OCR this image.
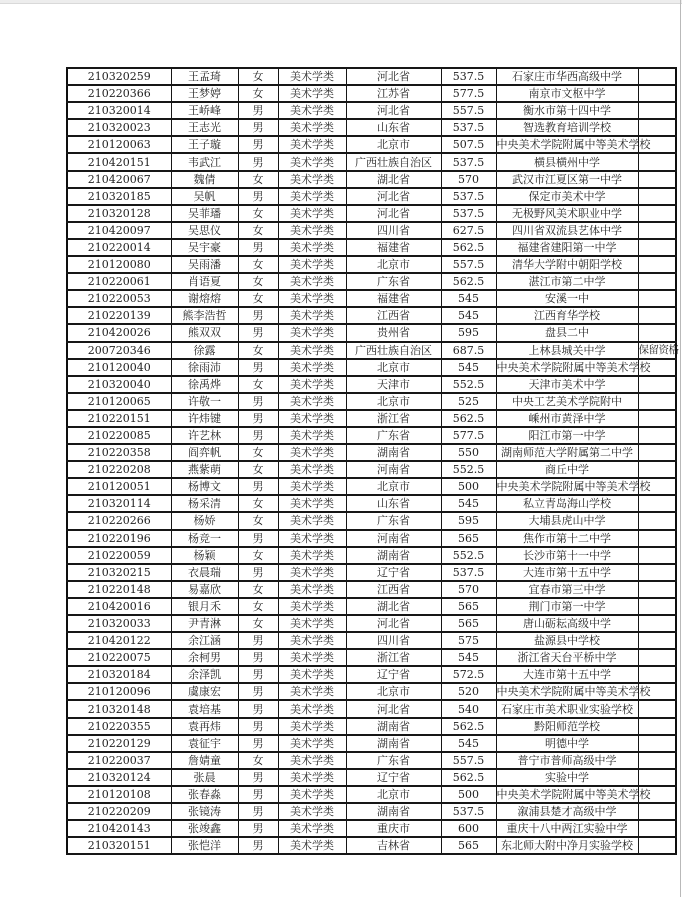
210320259	王孟琦	女	美术学类	河北省	537.5	石家庄市华西高级中学	
210220366	王梦婷	女	美术学类	江苏省	577.5	南京市文枢中学	
210320014	王峤峰	男	美术学类	河北省	557.5	衡水市第十四中学	
210320023	王志光	男	美术学类	山东省	537.5	智选教育培训学校	
210120063	王子璇	男	美术学类	北京市	507.5	中央美术学院附属中等美术学校	
210420151	韦武江	男	美术学类	广西壮族自治区	537.5	横县横州中学	
210420067	魏倩	女	美术学类	湖北省	570	武汉市江夏区第一中学	
210320185	吴帆	男	美术学类	河北省	537.5	保定市美术中学	
210320128	吴菲璠	女	美术学类	河北省	537.5	无极野风美术职业中学	
210420097	吴思仪	女	美术学类	四川省	627.5	四川省双流县艺体中学	
210220014	吴宇豪	男	美术学类	福建省	562.5	福建省建阳第一中学	
210120080	吴雨潘	女	美术学类	北京市	557.5	清华大学附中朝阳学校	
210220061	肖语夏	女	美术学类	广东省	562.5	湛江市第二中学	
210220053	谢熔熔	女	美术学类	福建省	545	安溪一中	
210220139	熊李浩哲	男	美术学类	江西省	545	江西育华学校	
210420026	熊双双	男	美术学类	贵州省	595	盘县二中	
200720346	徐露	女	美术学类	广西壮族自治区	687.5	上林县城关中学	保留资格
210120040	徐雨沛	男	美术学类	北京市	545	中央美术学院附属中等美术学校	
210320040	徐禹烨	女	美术学类	天津市	552.5	天津市美术中学	
210120065	许敬一	男	美术学类	北京市	525	中央工艺美术学院附中	
210220151	许炜键	男	美术学类	浙江省	562.5	嵊州市黄泽中学	
210220085	许艺林	男	美术学类	广东省	577.5	阳江市第一中学	
210220358	阎弈帆	女	美术学类	湖南省	550	湖南师范大学附属第二中学	
210220208	燕紫萌	女	美术学类	河南省	552.5	商丘中学	
210120051	杨博文	男	美术学类	北京市	500	中央美术学院附属中等美术学校	
210320114	杨采清	女	美术学类	山东省	545	私立青岛海山学校	
210220266	杨娇	女	美术学类	广东省	595	大埔县虎山中学	
210220196	杨竞一	男	美术学类	河南省	565	焦作市第十二中学	
210220059	杨颖	女	美术学类	湖南省	552.5	长沙市第十一中学	
210320215	衣晨瑞	男	美术学类	辽宁省	537.5	大连市第十五中学	
210220148	易嘉欣	女	美术学类	江西省	570	宜春市第三中学	
210420016	银月禾	女	美术学类	湖北省	565	荆门市第一中学	
210320033	尹青淋	女	美术学类	河北省	565	唐山砺耘高级中学	
210420122	余江涵	男	美术学类	四川省	575	盐源县中学校	
210220075	余柯男	男	美术学类	浙江省	545	浙江省天台平桥中学	
210320184	余泽凯	男	美术学类	辽宁省	572.5	大连市第十五中学	
210120096	虞康宏	男	美术学类	北京市	520	中央美术学院附属中等美术学校	
210320148	袁培基	男	美术学类	河北省	540	石家庄市美术职业实验学校	
210220355	袁再炜	男	美术学类	湖南省	562.5	黔阳师范学校	
210220129	袁征宇	男	美术学类	湖南省	545	明德中学	
210220037	詹婧童	女	美术学类	广东省	557.5	普宁市普师高级中学	
210320124	张晨	男	美术学类	辽宁省	562.5	实验中学	
210120108	张春淼	男	美术学类	北京市	500	中央美术学院附属中等美术学校	
210220209	张镜涛	男	美术学类	湖南省	537.5	溆浦县楚才高级中学	
210420143	张竣鑫	男	美术学类	重庆市	600	重庆十八中两江实验中学	
210320151	张恺洋	男	美术学类	吉林省	565	东北师大附中净月实验学校	
